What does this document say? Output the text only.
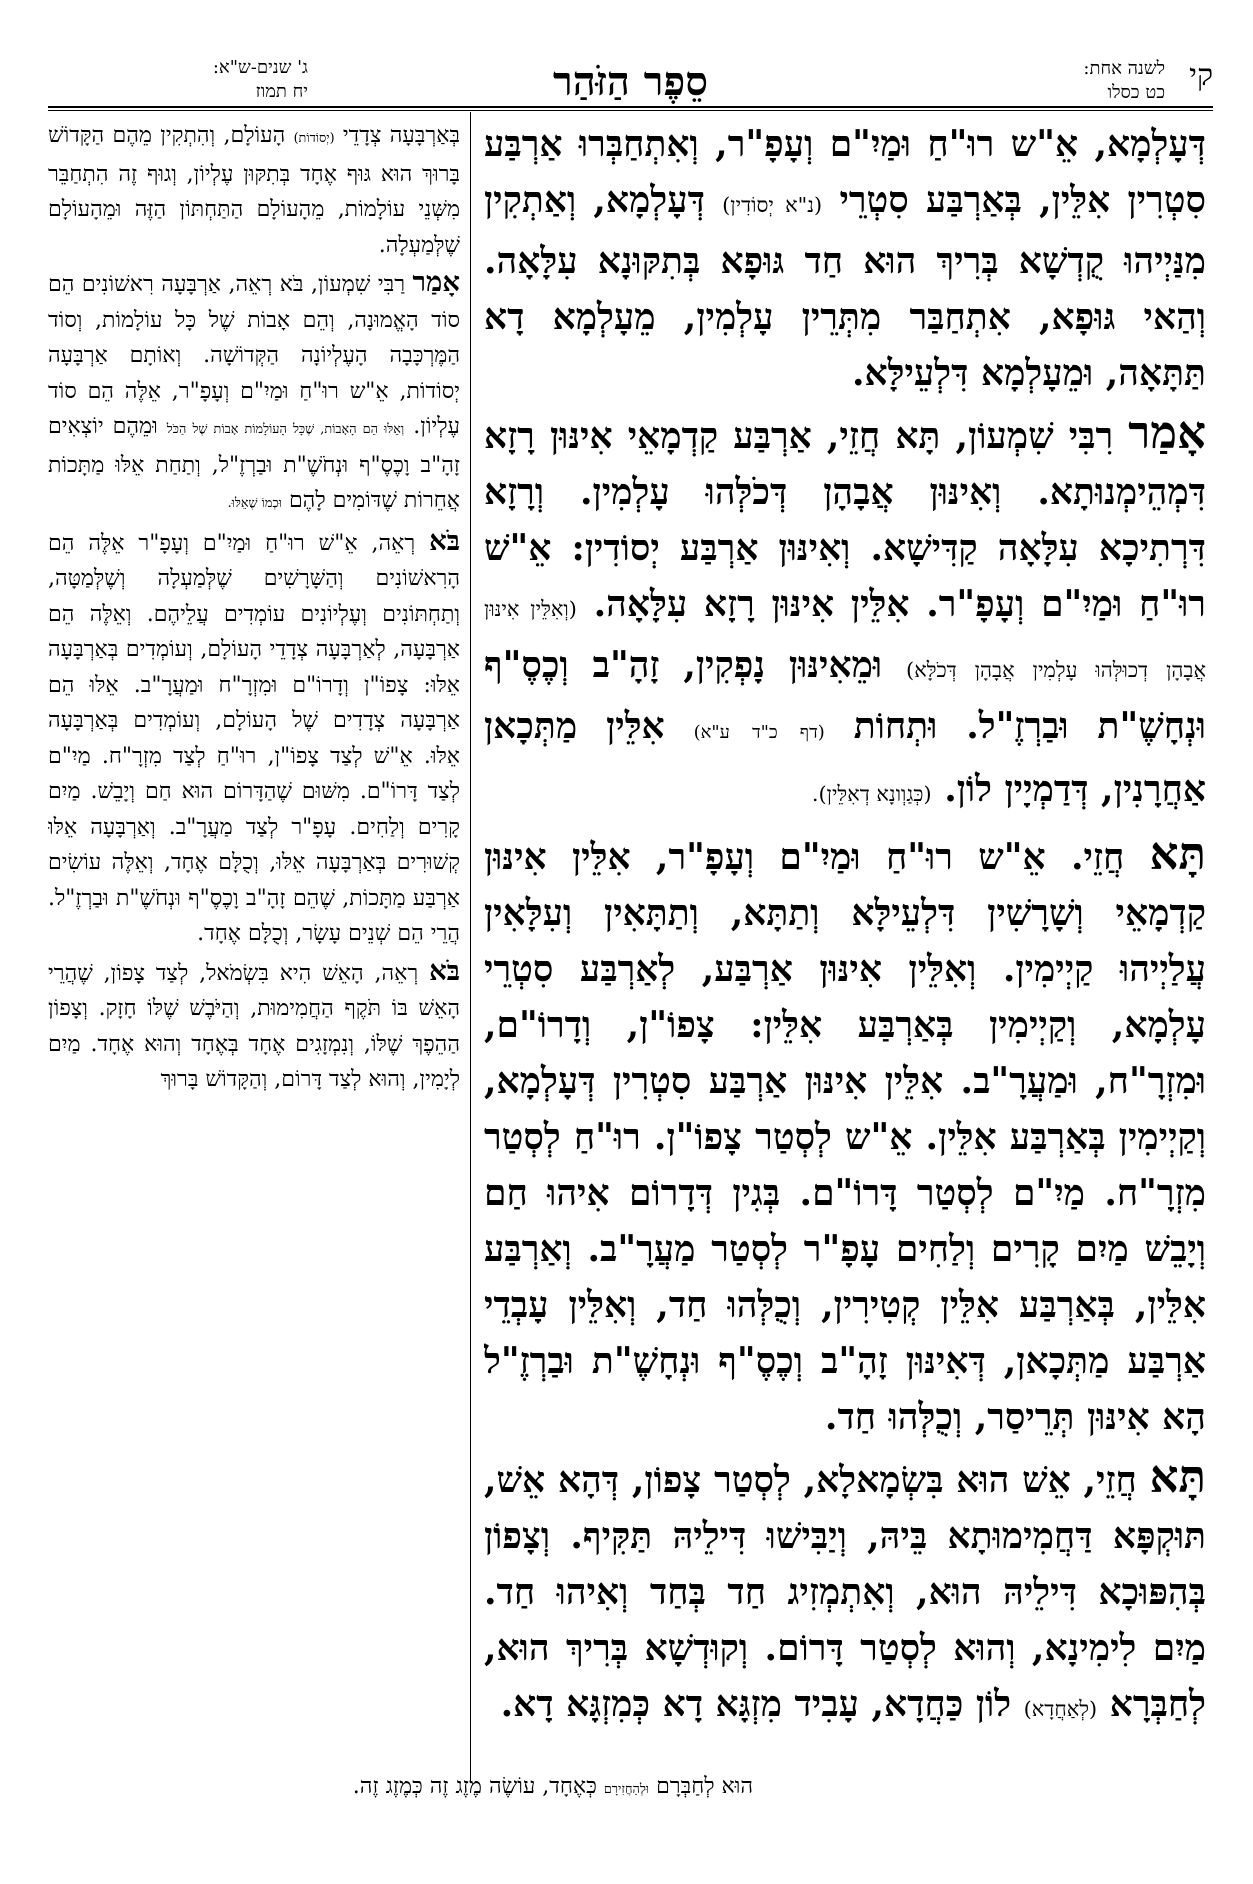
קי
לשנה אחת:
כט כסלו
סֵפֶר הַזֹּהַר
ג' שנים-ש"א:
יח תמוז

דְּעָלְמָא, אֵ"ש רוּ"חַ וּמַיִ"ם וְעָפָ"ר, וְאִתְחַבְּרוּ אַרְבַּע סִטְרִין אִלֵּין, בְּאַרְבַּע סִטְרֵי (נ"א יְסוֹדִין) דְּעָלְמָא, וְאַתְקִין מִנַּיְיהוּ קֻדְשָׁא בְּרִיךְ הוּא חַד גּוּפָא בְּתִקּוּנָא עִלָּאָה. וְהַאי גּוּפָא, אִתְחַבַּר מִתְּרֵין עָלְמִין, מֵעָלְמָא דָא תַּתָּאָה, וּמֵעָלְמָא דִּלְעֵילָּא.

אָמַר רִבִּי שִׁמְעוֹן, תָּא חֲזֵי, אַרְבַּע קַדְמָאֵי אִינּוּן רָזָא דִּמְהֵימְנוּתָא. וְאִינּוּן אֲבָהָן דְּכֹלְּהוּ עָלְמִין. וְרָזָא דִּרְתִיכָא עִלָּאָה קַדִּישָׁא. וְאִינּוּן אַרְבַּע יְסוֹדִין: אֵ"שׁ רוּ"חַ וּמַיִ"ם וְעָפָ"ר. אִלֵּין אִינּוּן רָזָא עִלָּאָה. (וְאִלֵּין אִינּוּן אֲבָהָן דְכוּלְּהוּ עָלְמִין אֲבָהָן דְּכֹלָּא) וּמֵאִינּוּן נָפְקִין, זָהָ"ב וְכֶסֶ"ף וּנְחָשֶׁ"ת וּבַרְזֶ"ל. וּתְחוֹת (דף כ"ד ע"א) אִלֵּין מַתְּכָאן אַחֲרָנִין, דְּדַמְיָין לוֹן. (כְּגַוְונָא דְאִלֵּין).

תָּא חֲזֵי. אֵ"ש רוּ"חַ וּמַיִ"ם וְעָפָ"ר, אִלֵּין אִינּוּן קַדְמָאֵי וְשָׁרָשִׁין דִּלְעֵילָּא וְתַתָּא, וְתַתָּאִין וְעִלָּאִין עֲלַיְיהוּ קַיְימִין. וְאִלֵּין אִינּוּן אַרְבַּע, לְאַרְבַּע סִטְרֵי עָלְמָא, וְקַיְימִין בְּאַרְבַּע אִלֵּין: צָפוֹ"ן, וְדָרוֹ"ם, וּמִזְרָ"ח, וּמַעֲרָ"ב. אִלֵּין אִינּוּן אַרְבַּע סִטְרִין דְּעָלְמָא, וְקַיְימִין בְּאַרְבַּע אִלֵּין. אֵ"ש לְסְטַר צָפוֹ"ן. רוּ"חַ לְסְטַר מִזְרָ"ח. מַיִ"ם לְסְטַר דָּרוֹ"ם. בְּגִין דְּדָרוֹם אִיהוּ חַם וְיָבֵשׁ מַיִם קָרִים וְלַחִים עָפָ"ר לְסְטַר מַעֲרָ"ב. וְאַרְבַּע אִלֵּין, בְּאַרְבַּע אִלֵּין קְטִירִין, וְכֻלְּהוּ חַד, וְאִלֵּין עָבְדֵי אַרְבַּע מַתְּכָאן, דְּאִינּוּן זָהָ"ב וְכֶסֶ"ף וּנְחָשֶׁ"ת וּבַרְזֶ"ל הָא אִינּוּן תְּרֵיסַר, וְכֻלְּהוּ חַד.

תָּא חֲזֵי, אֵשׁ הוּא בִּשְׂמָאלָא, לְסְטַר צָפוֹן, דְּהָא אֵשׁ, תּוּקְפָּא דַּחֲמִימוּתָא בֵּיהּ, וְיַבִּישׁוּ דִּילֵיהּ תַּקִּיף. וְצָפוֹן בְּהִפּוּכָא דִּילֵיהּ הוּא, וְאִתְמְזִיג חַד בְּחַד וְאִיהוּ חַד. מַיִם לִימִינָא, וְהוּא לְסְטַר דָּרוֹם. וְקוּדְשָׁא בְּרִיךְ הוּא, לְחַבְּרָא (לְאַחֲדָא) לוֹן כַּחֲדָא, עָבִיד מִזְגָּא דָא כְּמִזְגָּא דָא.

בְּאַרְבָּעָה צְדָדֵי (יְסוֹדוֹת) הָעוֹלָם, וְהִתְקִין מֵהֶם הַקָּדוֹשׁ בָּרוּךְ הוּא גּוּף אֶחָד בְּתִקּוּן עֶלְיוֹן, וְגוּף זֶה הִתְחַבֵּר מִשְּׁנֵי עוֹלָמוֹת, מֵהָעוֹלָם הַתַּחְתּוֹן הַזֶּה וּמֵהָעוֹלָם שֶׁלְּמַעְלָה.

אָמַר רַבִּי שִׁמְעוֹן, בֹּא רְאֵה, אַרְבָּעָה רִאשׁוֹנִים הֵם סוֹד הָאֱמוּנָה, וְהֵם אָבוֹת שֶׁל כָּל עוֹלָמוֹת, וְסוֹד הַמֶּרְכָּבָה הָעֶלְיוֹנָה הַקְּדוֹשָׁה. וְאוֹתָם אַרְבָּעָה יְסוֹדוֹת, אֵ"ש רוּ"חַ וּמַיִ"ם וְעָפָ"ר, אֵלֶּה הֵם סוֹד עֶלְיוֹן. וְאֵלּוּ הֵם הָאָבוֹת, שֶׁכָּל הָעוֹלָמוֹת אָבוֹת שֶׁל הַכֹּל וּמֵהֶם יוֹצְאִים זָהָ"ב וָכֶסֶ"ף וּנְחֹשֶׁ"ת וּבַרְזֶ"ל, וְתַחַת אֵלּוּ מַתָּכוֹת אֲחֵרוֹת שֶׁדּוֹמִים לָהֶם וּכְמוֹ שֶׁאֵלּוּ.

בֹּא רְאֵה, אֵ"שׁ רוּ"חַ וּמַיִ"ם וְעָפָ"ר אֵלֶּה הֵם הָרִאשׁוֹנִים וְהַשָּׁרָשִׁים שֶׁלְּמַעְלָה וְשֶׁלְּמַטָּה, וְתַחְתּוֹנִים וְעֶלְיוֹנִים עוֹמְדִים עֲלֵיהֶם. וְאֵלֶּה הֵם אַרְבָּעָה, לְאַרְבָּעָה צְדָדֵי הָעוֹלָם, וְעוֹמְדִים בְּאַרְבָּעָה אֵלּוּ: צָפוֹ"ן וְדָרוֹ"ם וּמִזְרָ"ח וּמַעֲרָ"ב. אֵלּוּ הֵם אַרְבָּעָה צְדָדִים שֶׁל הָעוֹלָם, וְעוֹמְדִים בְּאַרְבָּעָה אֵלּוּ. אֵ"שׁ לְצַד צָפוֹ"ן, רוּ"חַ לְצַד מִזְרָ"ח. מַיִ"ם לְצַד דָּרוֹ"ם. מִשּׁוּם שֶׁהַדָּרוֹם הוּא חַם וְיָבֵשׁ. מַיִם קָרִים וְלַחִים. עָפָ"ר לְצַד מַעֲרָ"ב. וְאַרְבָּעָה אֵלּוּ קְשׁוּרִים בְּאַרְבָּעָה אֵלּוּ, וְכֻלָּם אֶחָד, וְאֵלֶּה עוֹשִׂים אַרְבַּע מַתָּכוֹת, שֶׁהֵם זָהָ"ב וָכֶסֶ"ף וּנְחֹשֶׁ"ת וּבַרְזֶ"ל. הֲרֵי הֵם שְׁנֵים עָשָׂר, וְכֻלָּם אֶחָד.

בֹּא רְאֵה, הָאֵשׁ הִיא בִּשְׂמֹאל, לְצַד צָפוֹן, שֶׁהֲרֵי הָאֵשׁ בּוֹ תֹּקֶף הַחֲמִימוּת, וְהַיֹּבֶשׁ שֶׁלּוֹ חָזָק. וְצָפוֹן הַהֵפֶךְ שֶׁלּוֹ, וְנִמְזָגִים אֶחָד בְּאֶחָד וְהוּא אֶחָד. מַיִם לְיָמִין, וְהוּא לְצַד דָּרוֹם, וְהַקָּדוֹשׁ בָּרוּךְ

הוּא לְחַבְּרָם וּלְהַחֲזִירָם כְּאֶחָד, עוֹשֶׂה מֶזֶג זֶה כְּמֶזֶג זֶה.
